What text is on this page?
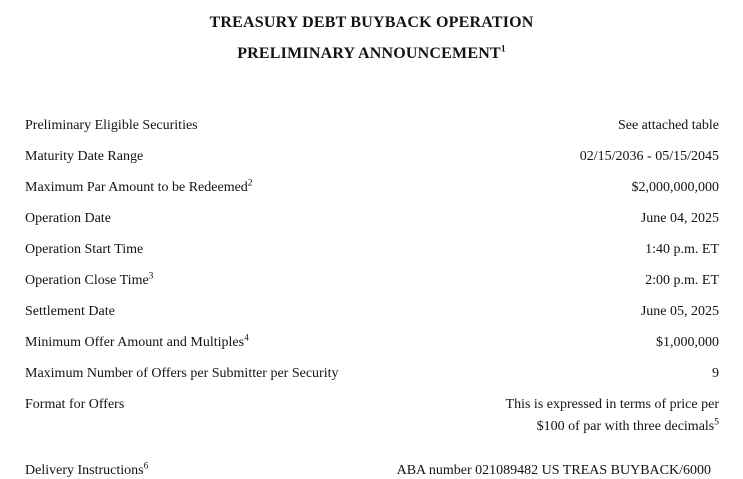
TREASURY DEBT BUYBACK OPERATION
PRELIMINARY ANNOUNCEMENT$^1$
Preliminary Eligible Securities	See attached table
Maturity Date Range	02/15/2036 - 05/15/2045
Maximum Par Amount to be Redeemed$^2$	$2,000,000,000
Operation Date	June 04, 2025
Operation Start Time	1:40 p.m. ET
Operation Close Time$^3$	2:00 p.m. ET
Settlement Date	June 05, 2025
Minimum Offer Amount and Multiples$^4$	$1,000,000
Maximum Number of Offers per Submitter per Security	9
Format for Offers	This is expressed in terms of price per
$100 of par with three decimals$^5$
Delivery Instructions$^6$	ABA number 021089482 US TREAS BUYBACK/6000
